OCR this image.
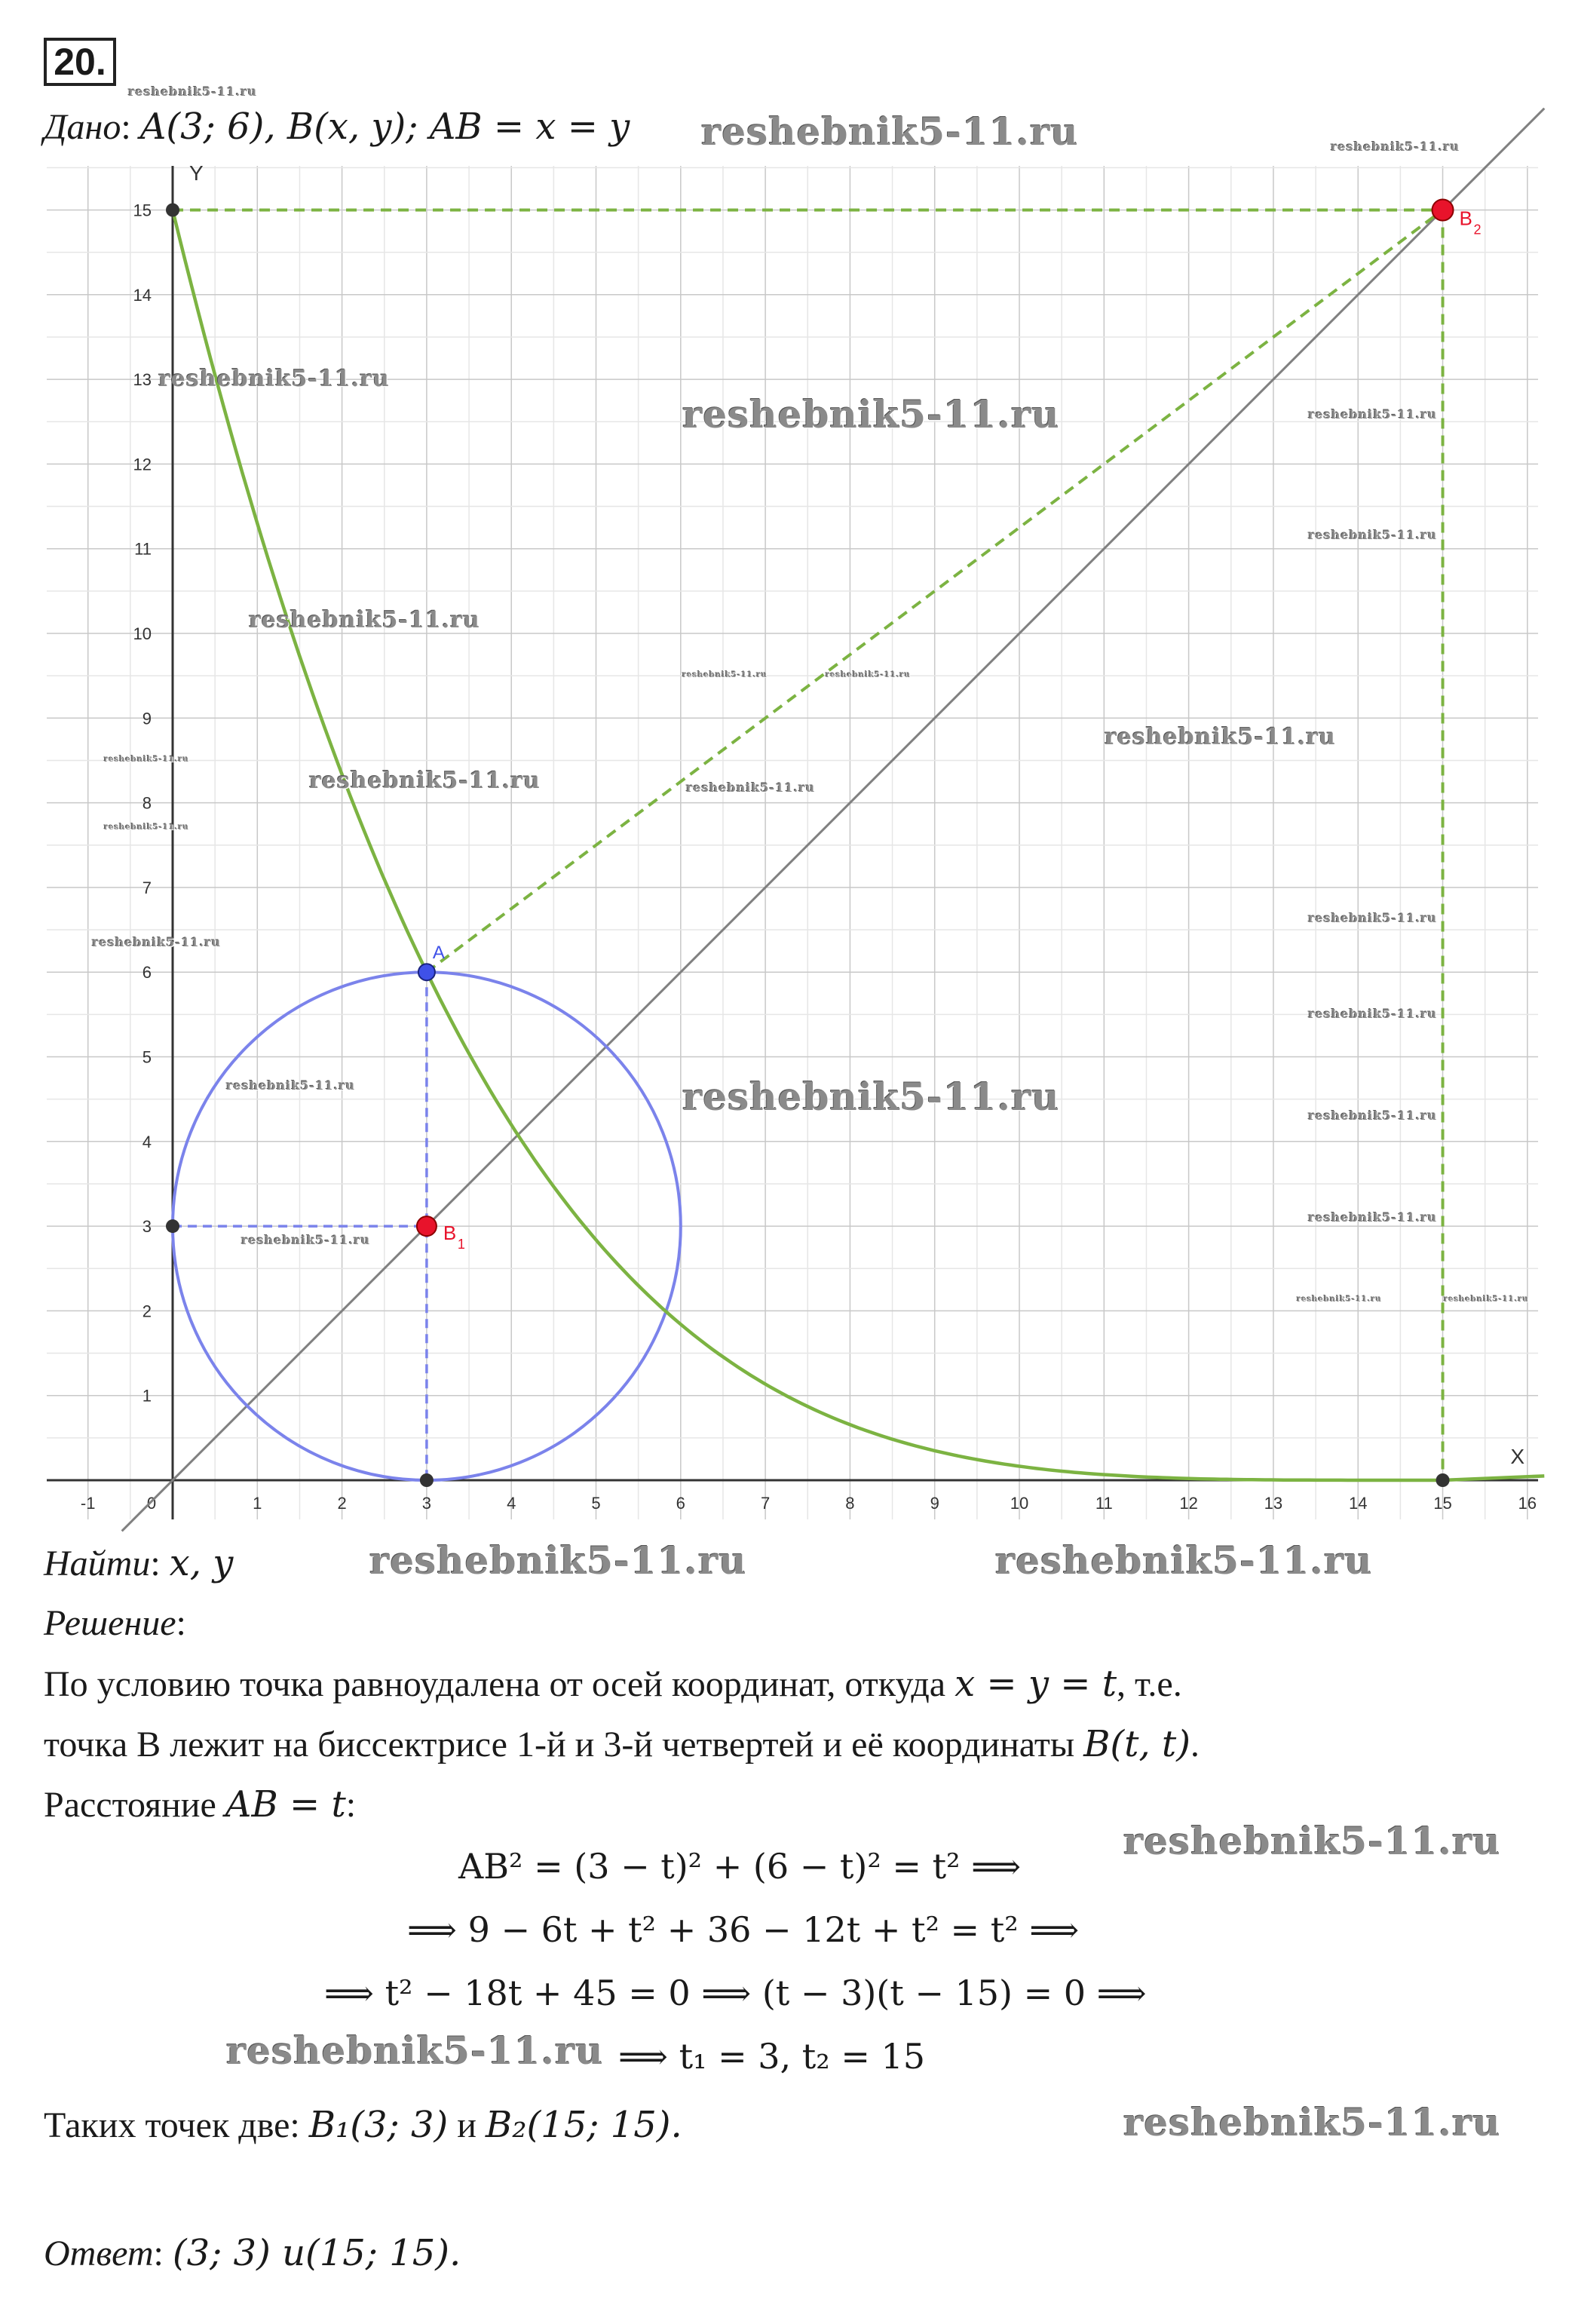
20.
Дано: A(3; 6), B(x, y); AB = x = y
X
Y
-1	0	1	2	3	4	5	6	7	8	9	10	11	12	13	14	15	16
1
2
3
4
5
6
7
8
9
10
11
12
13
14
15
A
B 1
B 2
Найти: x, y
Решение:
По условию точка равноудалена от осей координат, откуда x = y = t, т.е.
точка B лежит на биссектрисе 1-й и 3-й четвертей и её координаты B(t, t).
Расстояние AB = t:
AB² = (3 − t)² + (6 − t)² = t² ⟹
⟹ 9 − 6t + t² + 36 − 12t + t² = t² ⟹
⟹ t² − 18t + 45 = 0 ⟹ (t − 3)(t − 15) = 0 ⟹
⟹ t₁ = 3, t₂ = 15
Таких точек две: B₁(3; 3) и B₂(15; 15).
Ответ: (3; 3) и(15; 15).
reshebnik5-11.ru
reshebnik5-11.ru	reshebnik5-11.ru
reshebnik5-11.ru
reshebnik5-11.ru	reshebnik5-11.ru
reshebnik5-11.ru
reshebnik5-11.ru
reshebnik5-11.ru	reshebnik5-11.ru
reshebnik5-11.ru
reshebnik5-11.ru
reshebnik5-11.ru	reshebnik5-11.ru
reshebnik5-11.ru
reshebnik5-11.ru
reshebnik5-11.ru
reshebnik5-11.ru
reshebnik5-11.ru	reshebnik5-11.ru	reshebnik5-11.ru
reshebnik5-11.ru
reshebnik5-11.ru
reshebnik5-11.ru	reshebnik5-11.ru
reshebnik5-11.ru	reshebnik5-11.ru
reshebnik5-11.ru
reshebnik5-11.ru
reshebnik5-11.ru
